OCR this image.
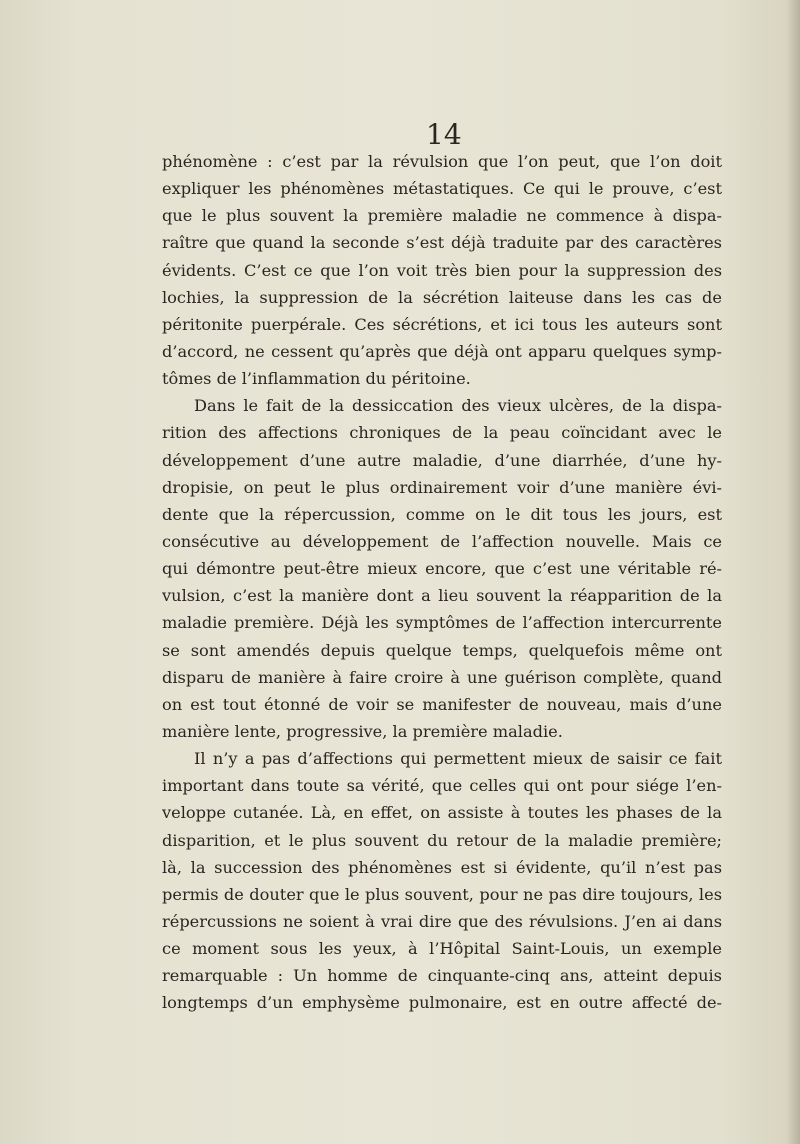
14
phénomène : c’est par la révulsion que l’on peut, que l’on doit
expliquer les phénomènes métastatiques. Ce qui le prouve, c’est
que le plus souvent la première maladie ne commence à dispa-
raître que quand la seconde s’est déjà traduite par des caractères
évidents. C’est ce que l’on voit très bien pour la suppression des
lochies, la suppression de la sécrétion laiteuse dans les cas de
péritonite puerpérale. Ces sécrétions, et ici tous les auteurs sont
d’accord, ne cessent qu’après que déjà ont apparu quelques symp-
tômes de l’inflammation du péritoine.
Dans le fait de la dessiccation des vieux ulcères, de la dispa-
rition des affections chroniques de la peau coïncidant avec le
développement d’une autre maladie, d’une diarrhée, d’une hy-
dropisie, on peut le plus ordinairement voir d’une manière évi-
dente que la répercussion, comme on le dit tous les jours, est
consécutive au développement de l’affection nouvelle. Mais ce
qui démontre peut-être mieux encore, que c’est une véritable ré-
vulsion, c’est la manière dont a lieu souvent la réapparition de la
maladie première. Déjà les symptômes de l’affection intercurrente
se sont amendés depuis quelque temps, quelquefois même ont
disparu de manière à faire croire à une guérison complète, quand
on est tout étonné de voir se manifester de nouveau, mais d’une
manière lente, progressive, la première maladie.
Il n’y a pas d’affections qui permettent mieux de saisir ce fait
important dans toute sa vérité, que celles qui ont pour siége l’en-
veloppe cutanée. Là, en effet, on assiste à toutes les phases de la
disparition, et le plus souvent du retour de la maladie première;
là, la succession des phénomènes est si évidente, qu’il n’est pas
permis de douter que le plus souvent, pour ne pas dire toujours, les
répercussions ne soient à vrai dire que des révulsions. J’en ai dans
ce moment sous les yeux, à l’Hôpital Saint-Louis, un exemple
remarquable : Un homme de cinquante-cinq ans, atteint depuis
longtemps d’un emphysème pulmonaire, est en outre affecté de-
